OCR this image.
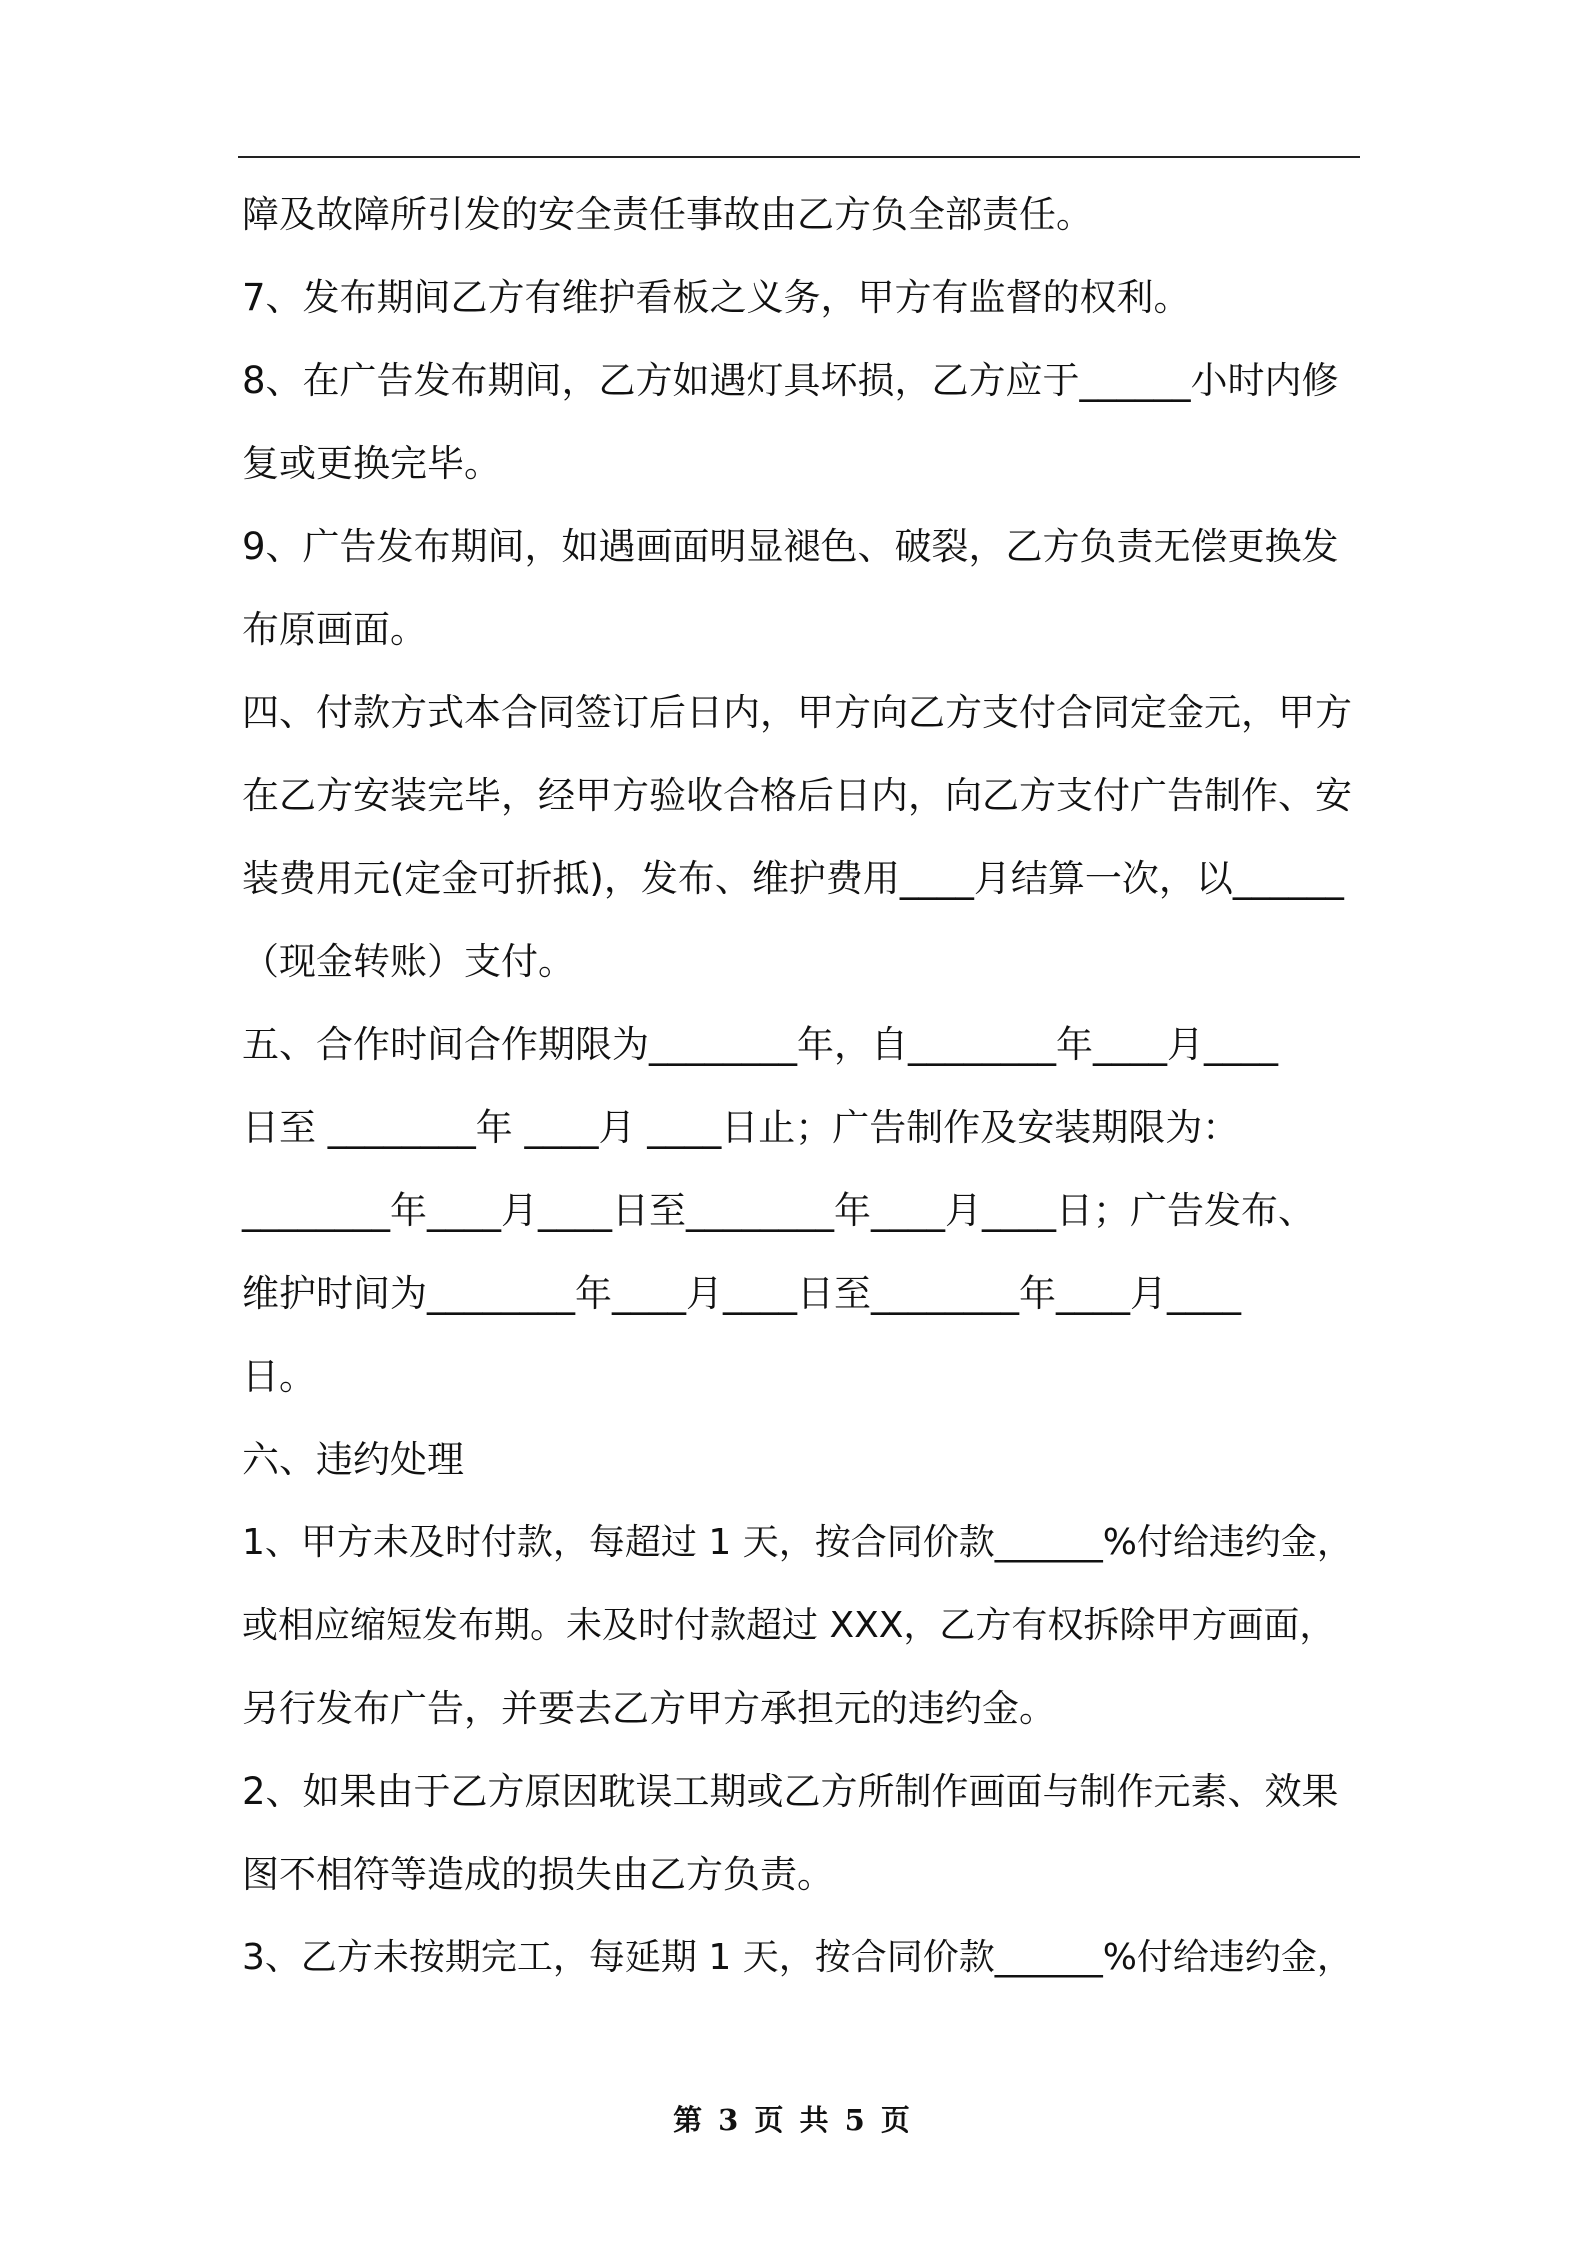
障及故障所引发的安全责任事故由乙方负全部责任。
7、发布期间乙方有维护看板之义务，甲方有监督的权利。
8、在广告发布期间，乙方如遇灯具坏损，乙方应于______小时内修
复或更换完毕。
9、广告发布期间，如遇画面明显褪色、破裂，乙方负责无偿更换发
布原画面。
四、付款方式本合同签订后日内，甲方向乙方支付合同定金元，甲方
在乙方安装完毕，经甲方验收合格后日内，向乙方支付广告制作、安
装费用元(定金可折抵)，发布、维护费用____月结算一次，以______
（现金转账）支付。
五、合作时间合作期限为________年，自________年____月____
日至 ________年 ____月 ____日止；广告制作及安装期限为：
________年____月____日至________年____月____日；广告发布、
维护时间为________年____月____日至________年____月____
日。
六、违约处理
1、甲方未及时付款，每超过 1 天，按合同价款______%付给违约金，
或相应缩短发布期。未及时付款超过 XXX，乙方有权拆除甲方画面，
另行发布广告，并要去乙方甲方承担元的违约金。
2、如果由于乙方原因耽误工期或乙方所制作画面与制作元素、效果
图不相符等造成的损失由乙方负责。
3、乙方未按期完工，每延期 1 天，按合同价款______%付给违约金，
第 3 页 共 5 页
